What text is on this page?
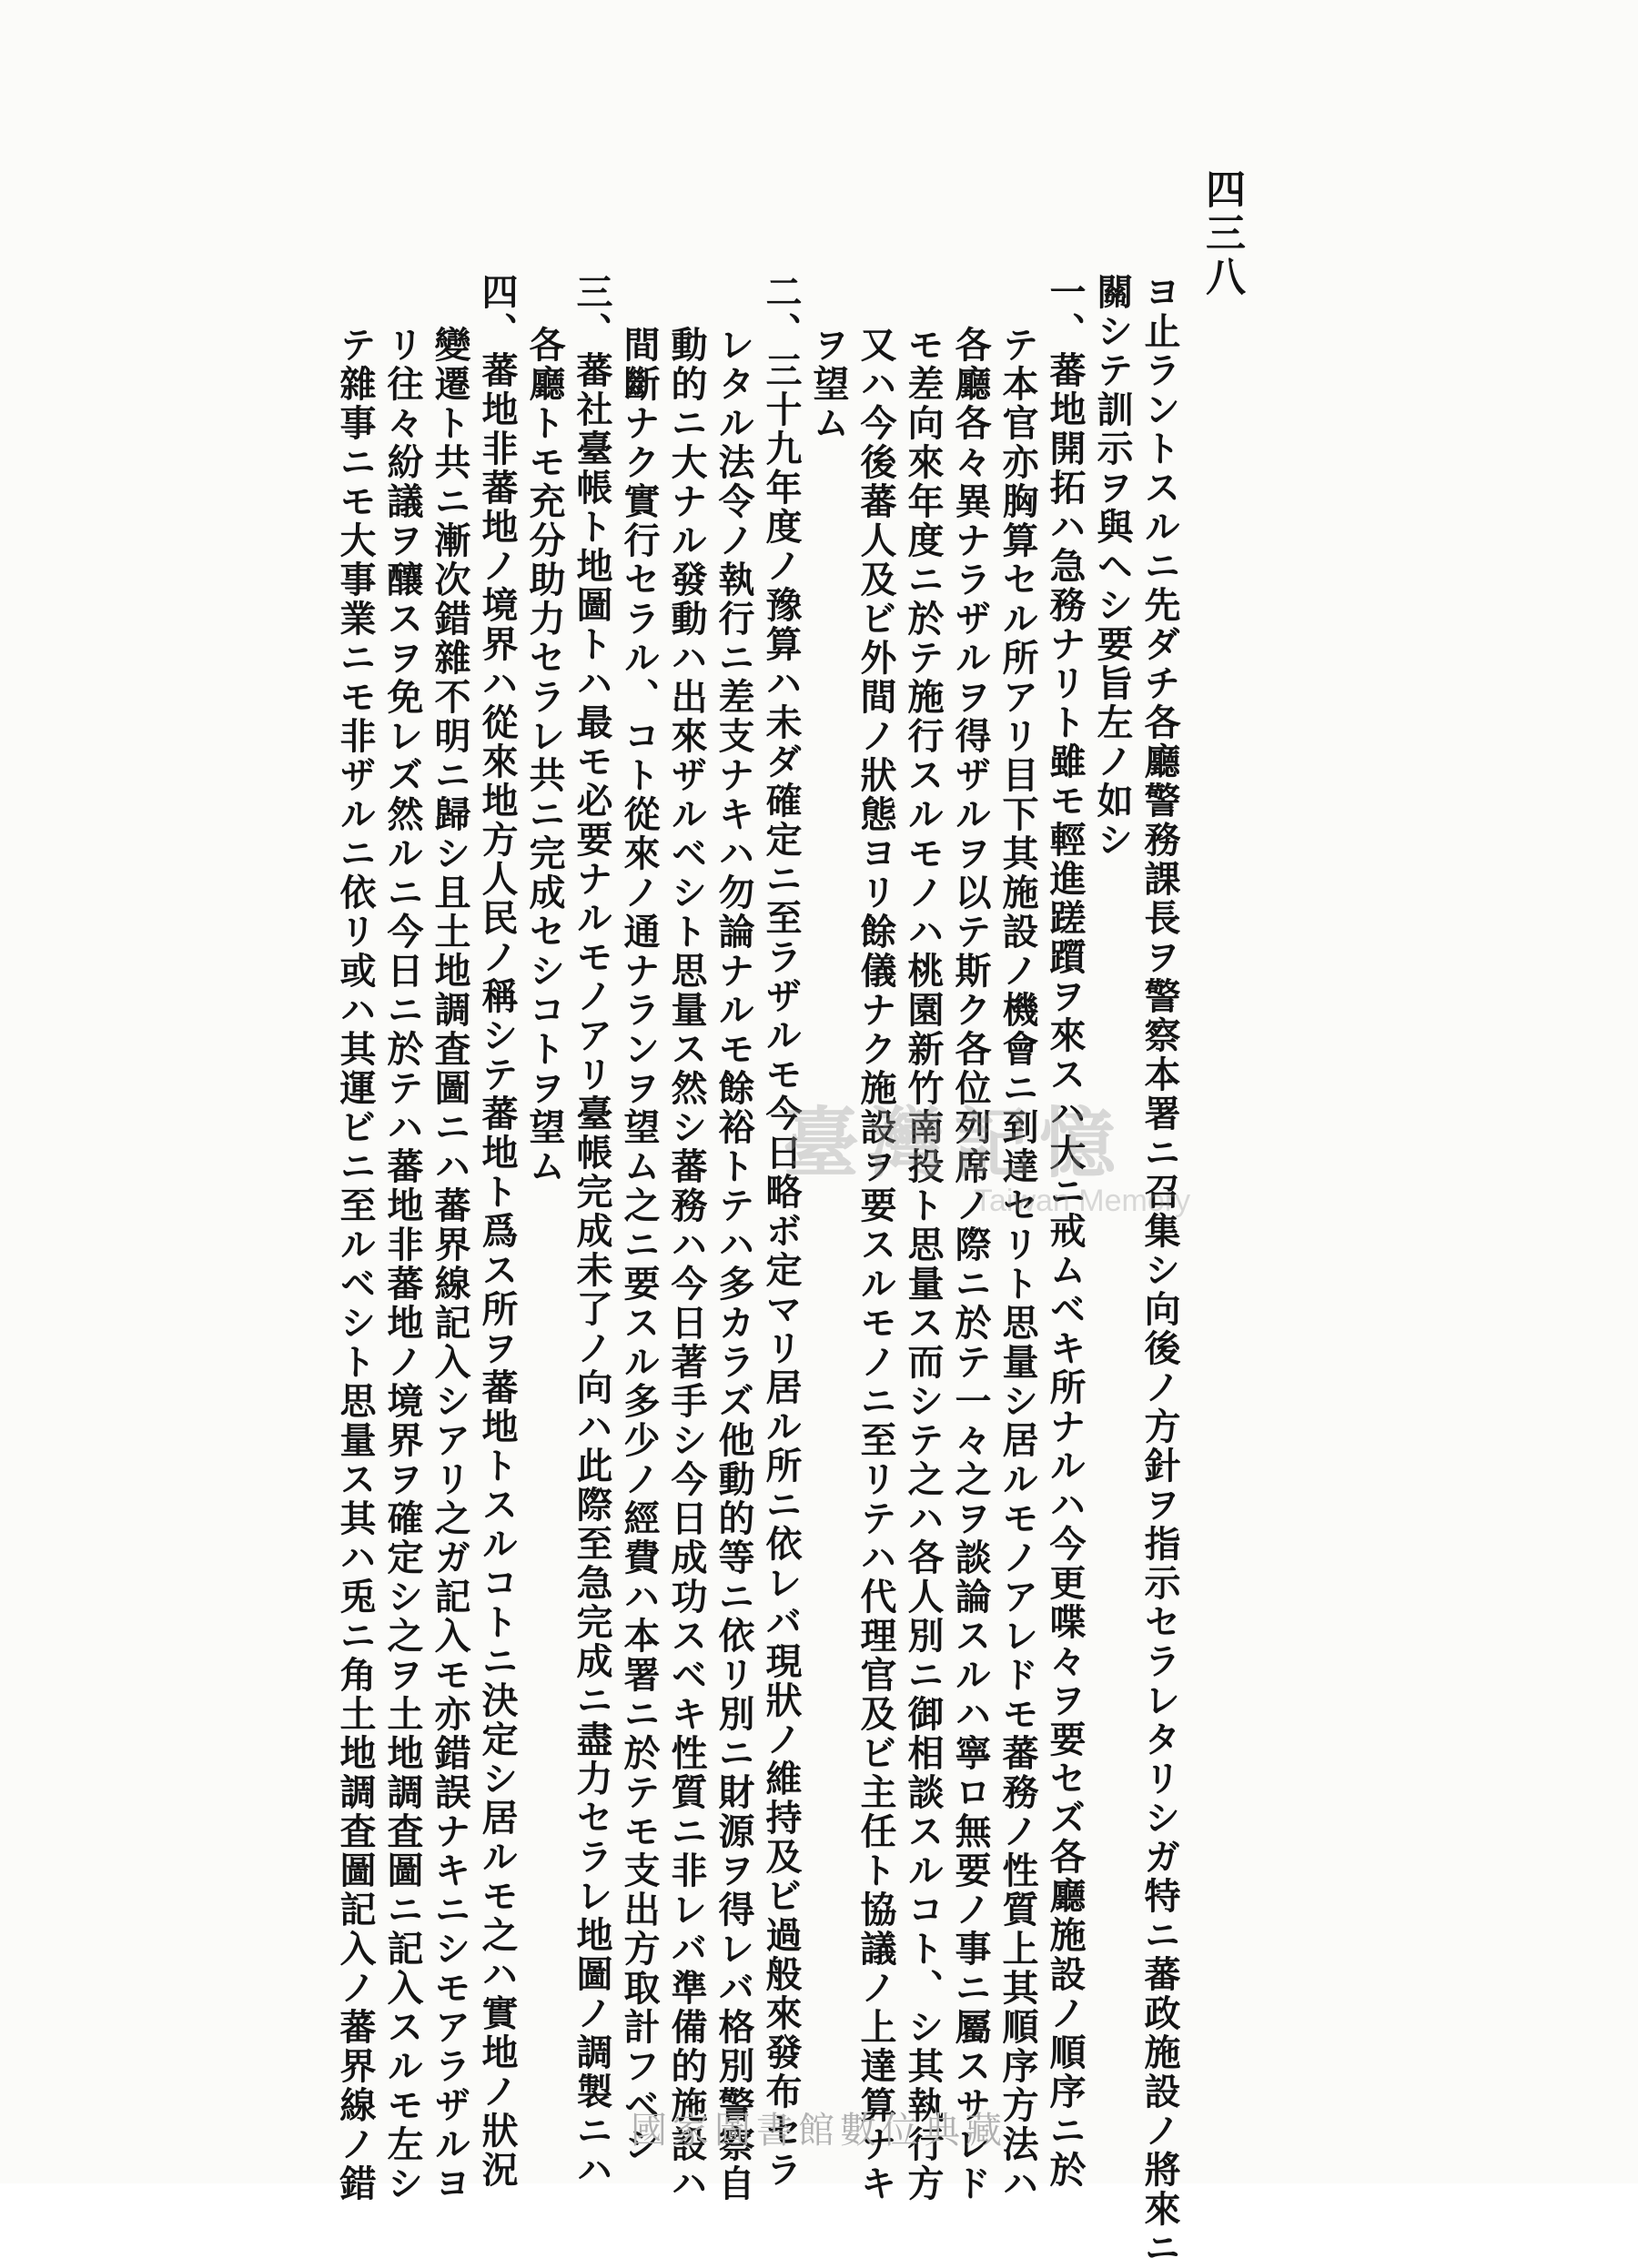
四三八
ヨ止ラントスルニ先ダチ各廳警務課長ヲ警察本署ニ召集シ向後ノ方針ヲ指示セラレタリシガ特ニ蕃政施設ノ將來ニ
關シテ訓示ヲ與ヘシ要旨左ノ如シ
一、蕃地開拓ハ急務ナリト雖モ輕進蹉躓ヲ來スハ大ニ戒ムベキ所ナルハ今更喋々ヲ要セズ各廳施設ノ順序ニ於
テ本官亦胸算セル所アリ目下其施設ノ機會ニ到達セリト思量シ居ルモノアレドモ蕃務ノ性質上其順序方法ハ
各廳各々異ナラザルヲ得ザルヲ以テ斯ク各位列席ノ際ニ於テ一々之ヲ談論スルハ寧ロ無要ノ事ニ屬スサレド
モ差向來年度ニ於テ施行スルモノハ桃園新竹南投ト思量ス而シテ之ハ各人別ニ御相談スルコト、シ其執行方
又ハ今後蕃人及ビ外間ノ狀態ヨリ餘儀ナク施設ヲ要スルモノニ至リテハ代理官及ビ主任ト協議ノ上達算ナキ
ヲ望ム
二、三十九年度ノ豫算ハ未ダ確定ニ至ラザルモ今日略ボ定マリ居ル所ニ依レバ現狀ノ維持及ビ過般來發布セラ
レタル法令ノ執行ニ差支ナキハ勿論ナルモ餘裕トテハ多カラズ他動的等ニ依リ別ニ財源ヲ得レバ格別警察自
動的ニ大ナル發動ハ出來ザルベシト思量ス然シ蕃務ハ今日著手シ今日成功スベキ性質ニ非レバ準備的施設ハ
間斷ナク實行セラル、コト從來ノ通ナランヲ望ム之ニ要スル多少ノ經費ハ本署ニ於テモ支出方取計フベシ
三、蕃社臺帳ト地圖トハ最モ必要ナルモノアリ臺帳完成未了ノ向ハ此際至急完成ニ盡力セラレ地圖ノ調製ニハ
各廳トモ充分助力セラレ共ニ完成セシコトヲ望ム
四、蕃地非蕃地ノ境界ハ從來地方人民ノ稱シテ蕃地ト爲ス所ヲ蕃地トスルコトニ決定シ居ルモ之ハ實地ノ狀況
變遷ト共ニ漸次錯雜不明ニ歸シ且土地調査圖ニハ蕃界線記入シアリ之ガ記入モ亦錯誤ナキニシモアラザルヨ
リ往々紛議ヲ釀スヲ免レズ然ルニ今日ニ於テハ蕃地非蕃地ノ境界ヲ確定シ之ヲ土地調査圖ニ記入スルモ左シ
テ雜事ニモ大事業ニモ非ザルニ依リ或ハ其運ビニ至ルベシト思量ス其ハ兎ニ角土地調査圖記入ノ蕃界線ノ錯	臺灣記憶
Taiwan Memory
國家圖書館數位典藏
